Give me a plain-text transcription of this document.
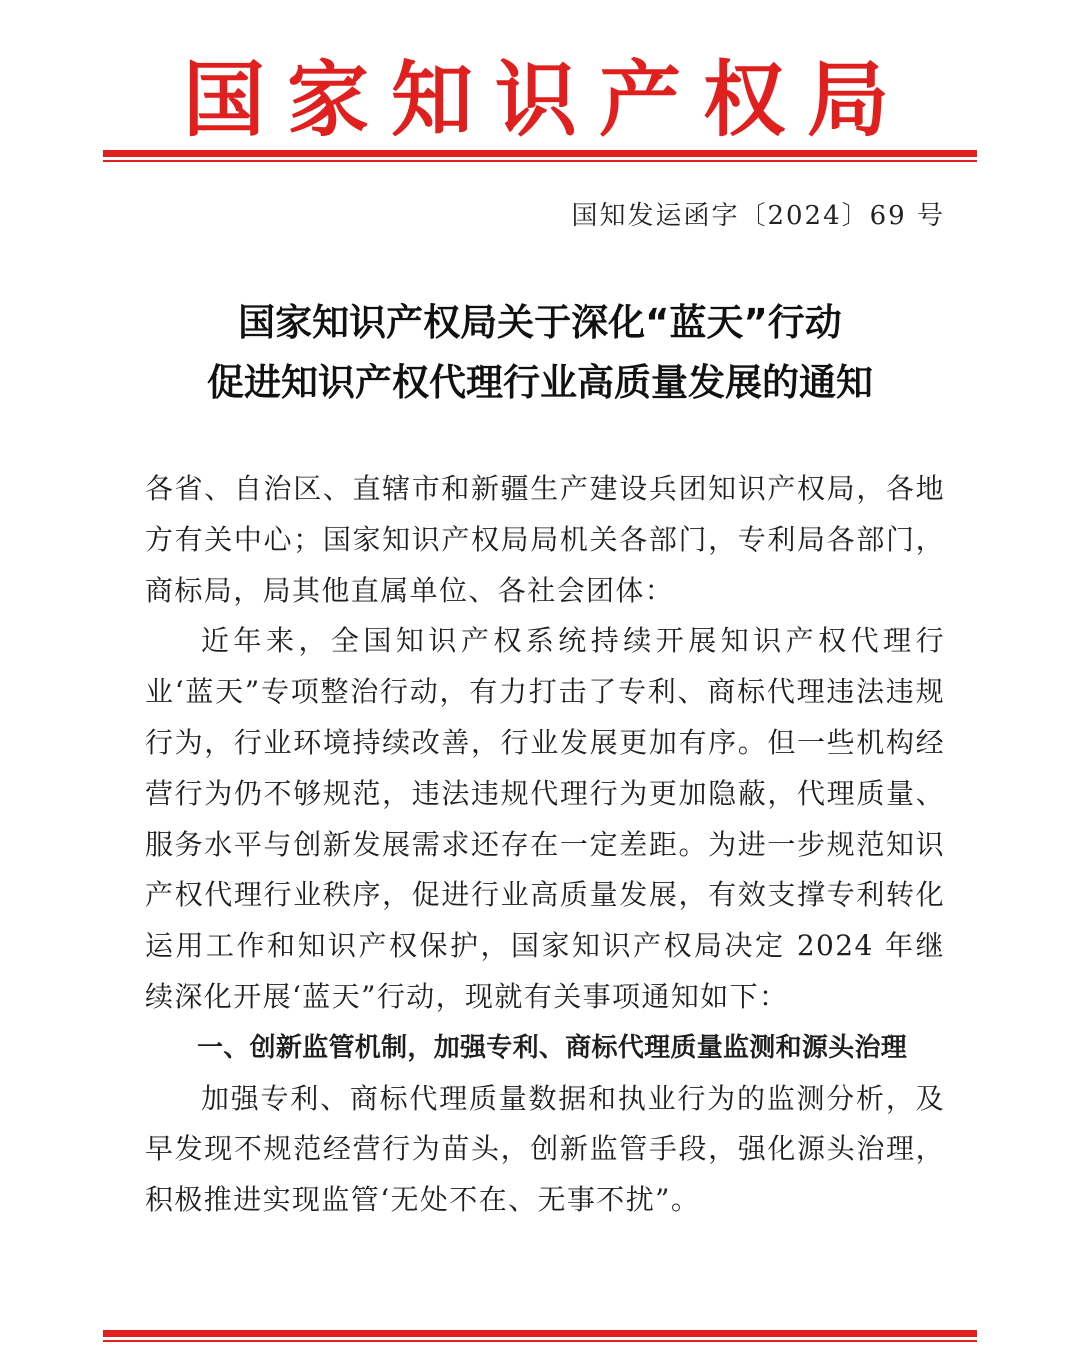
国家知识产权局
国知发运函字〔2024〕69 号
国家知识产权局关于深化“蓝天”行动
促进知识产权代理行业高质量发展的通知

各省、自治区、直辖市和新疆生产建设兵团知识产权局，各地方有关中心；国家知识产权局局机关各部门，专利局各部门，商标局，局其他直属单位、各社会团体：

近年来，全国知识产权系统持续开展知识产权代理行业‘蓝天”专项整治行动，有力打击了专利、商标代理违法违规行为，行业环境持续改善，行业发展更加有序。但一些机构经营行为仍不够规范，违法违规代理行为更加隐蔽，代理质量、服务水平与创新发展需求还存在一定差距。为进一步规范知识产权代理行业秩序，促进行业高质量发展，有效支撑专利转化运用工作和知识产权保护，国家知识产权局决定 2024 年继续深化开展‘蓝天”行动，现就有关事项通知如下：

一、创新监管机制，加强专利、商标代理质量监测和源头治理

加强专利、商标代理质量数据和执业行为的监测分析，及早发现不规范经营行为苗头，创新监管手段，强化源头治理，积极推进实现监管‘无处不在、无事不扰”。
